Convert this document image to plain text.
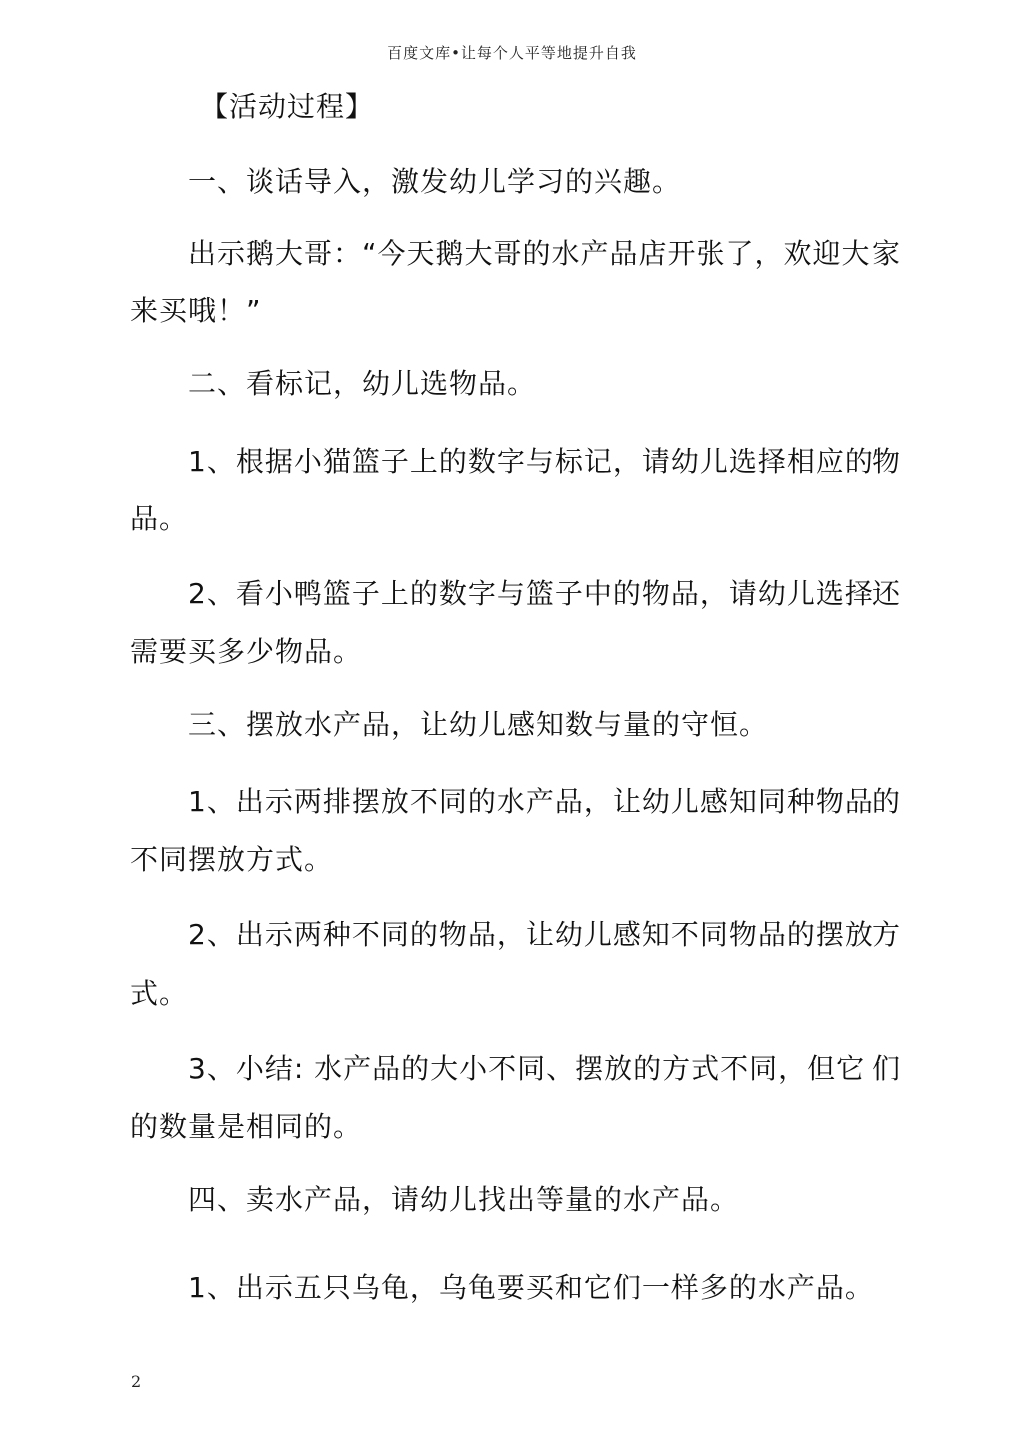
百度文库•让每个人平等地提升自我
【活动过程】
一、谈话导入，激发幼儿学习的兴趣。
出示鹅大哥：“今天鹅大哥的水产品店开张了，欢迎大 家
来买哦！”
二、看标记，幼儿选物品。
1、根据小猫篮子上的数字与标记，请幼儿选择相应的
物
品。
2、看小鸭篮子上的数字与篮子中的物品，请幼儿选择
还
需要买多少物品。
三、摆放水产品，让幼儿感知数与量的守恒。
1、出示两排摆放不同的水产品，让幼儿感知同种物品
的
不同摆放方式。
2、出示两种不同的物品，让幼儿感知不同物品的摆放
方
式。
3、小结: 水产品的大小不同、摆放的方式不同，但它 们
的数量是相同的。
四、卖水产品，请幼儿找出等量的水产品。
1、出示五只乌龟，乌龟要买和它们一样多的水产品。
2
